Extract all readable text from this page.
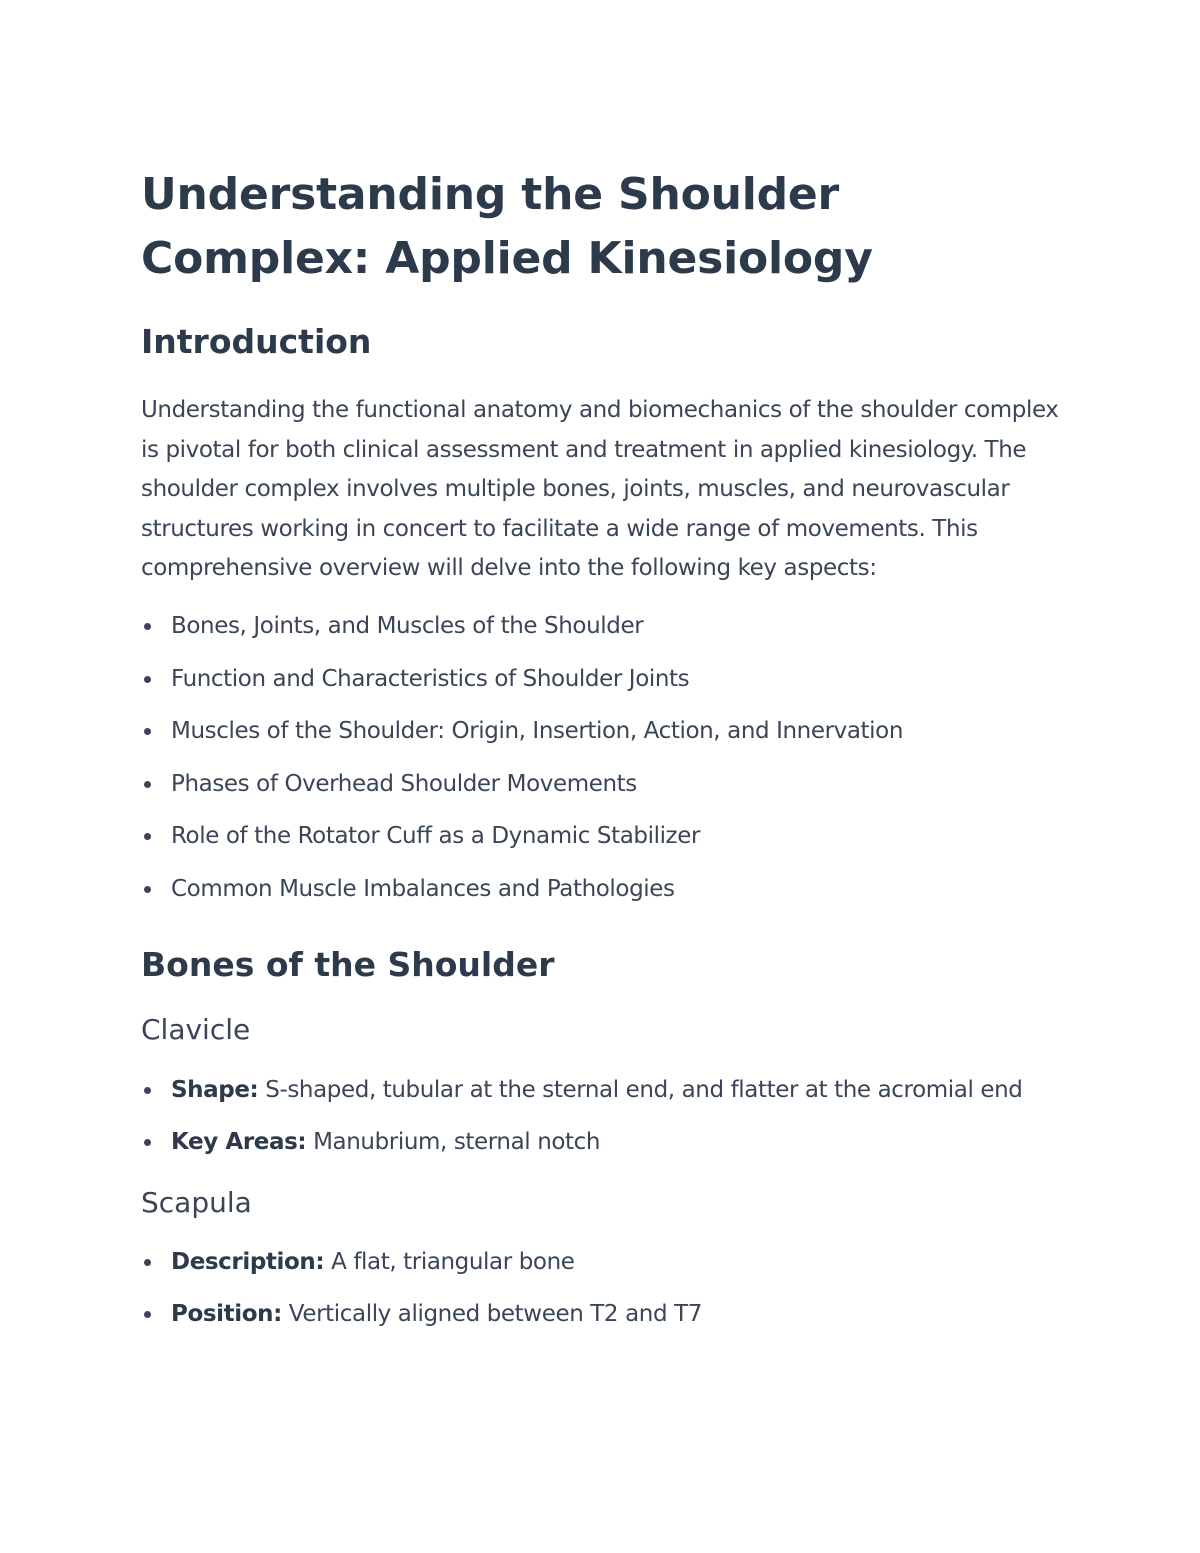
Understanding the Shoulder Complex: Applied Kinesiology
Introduction

Understanding the functional anatomy and biomechanics of the shoulder complex is pivotal for both clinical assessment and treatment in applied kinesiology. The shoulder complex involves multiple bones, joints, muscles, and neurovascular structures working in concert to facilitate a wide range of movements. This comprehensive overview will delve into the following key aspects:

Bones, Joints, and Muscles of the Shoulder
Function and Characteristics of Shoulder Joints
Muscles of the Shoulder: Origin, Insertion, Action, and Innervation
Phases of Overhead Shoulder Movements
Role of the Rotator Cuff as a Dynamic Stabilizer
Common Muscle Imbalances and Pathologies
Bones of the Shoulder
Clavicle
Shape: S-shaped, tubular at the sternal end, and flatter at the acromial end
Key Areas: Manubrium, sternal notch
Scapula
Description: A flat, triangular bone
Position: Vertically aligned between T2 and T7
